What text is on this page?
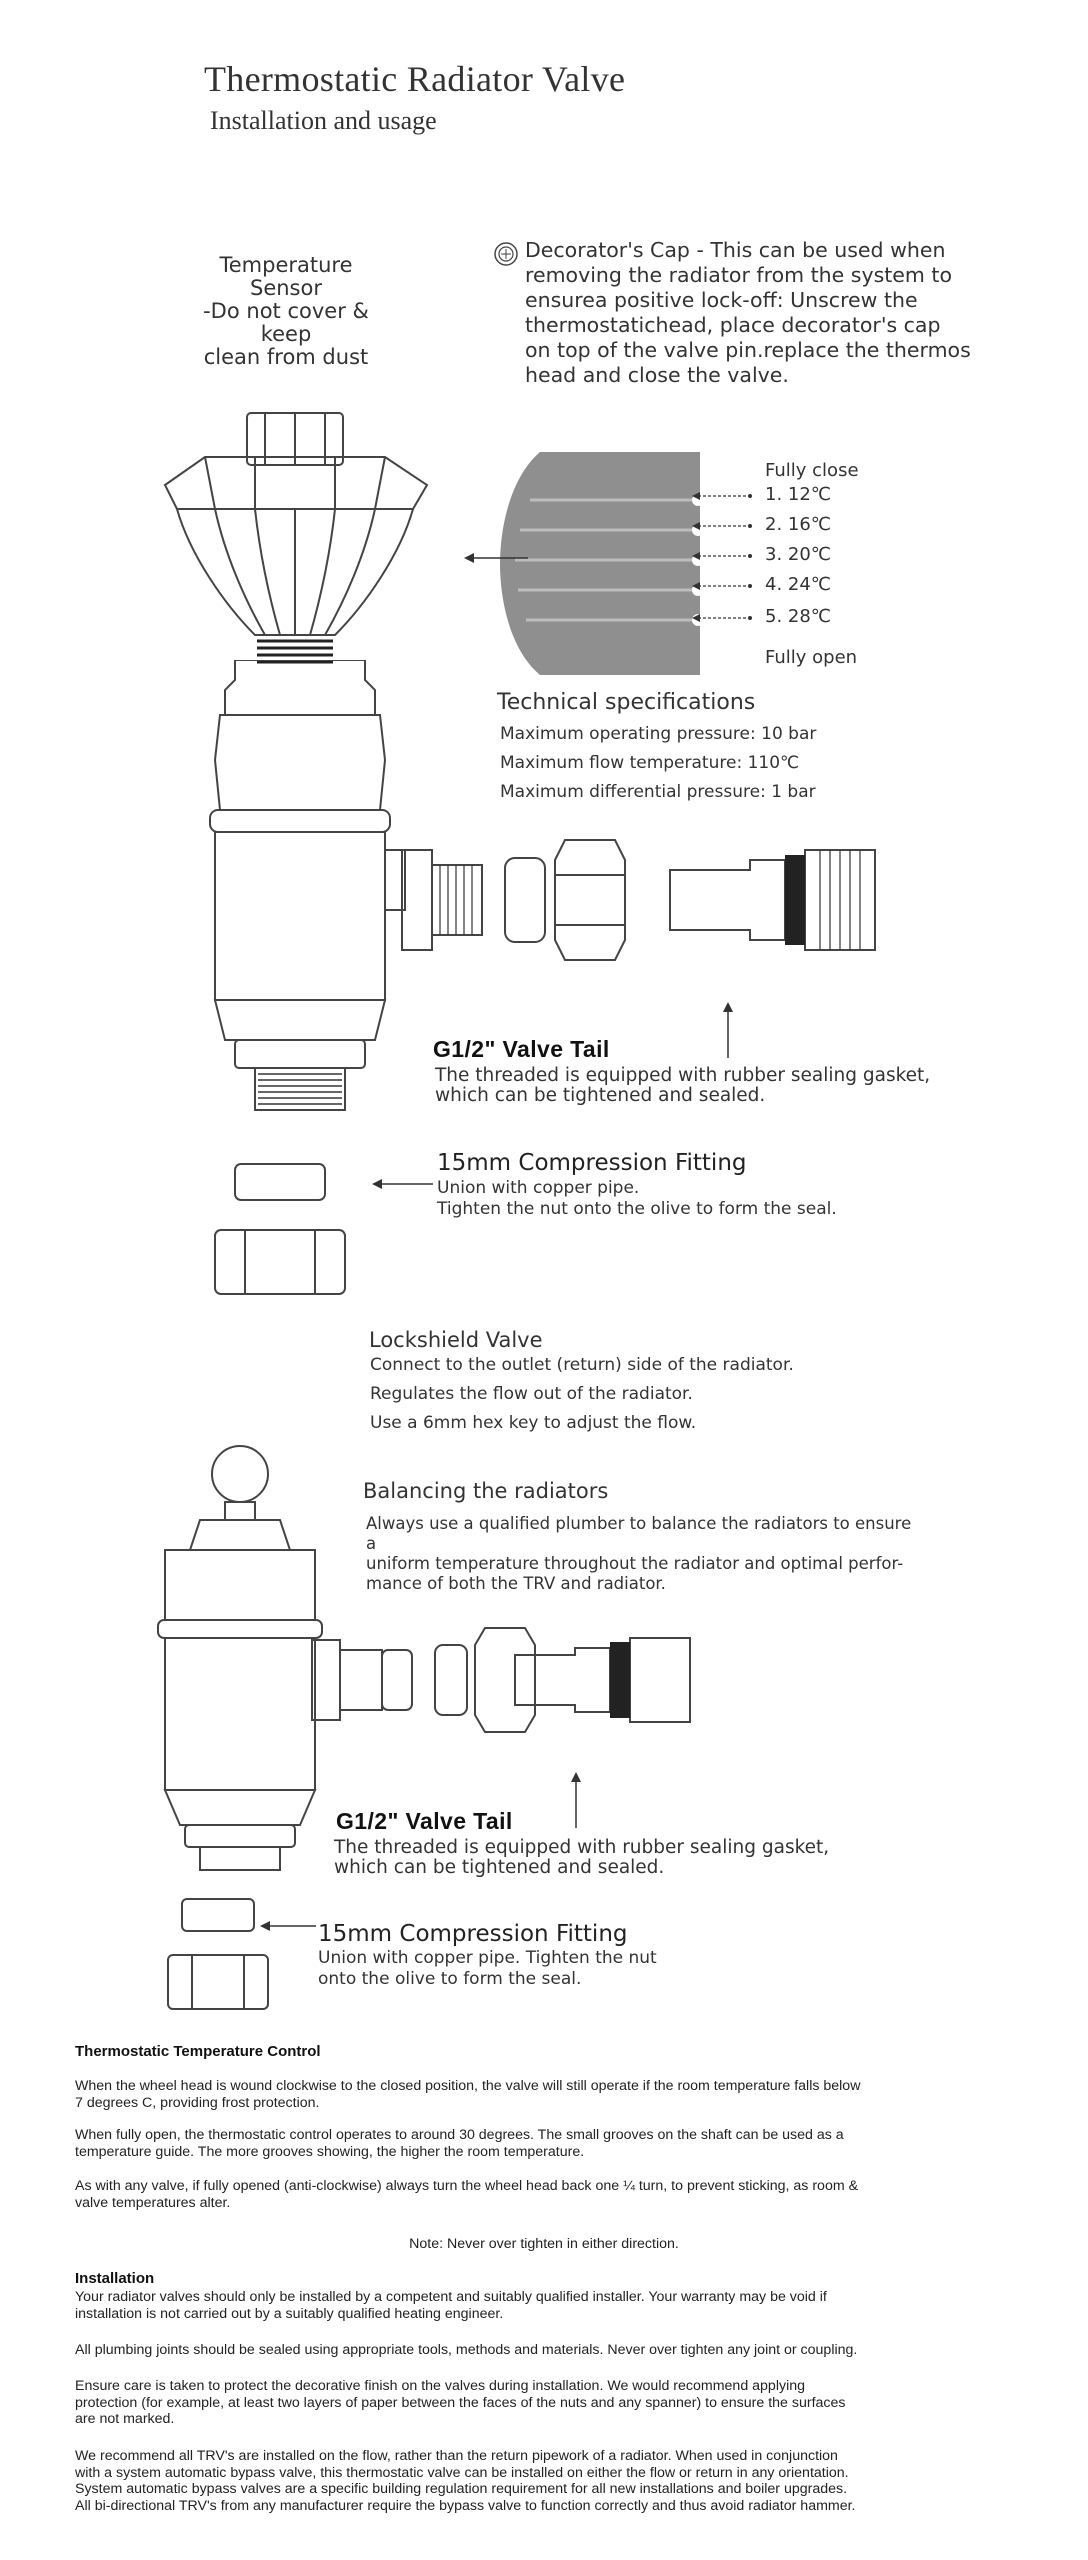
Thermostatic Radiator Valve
Installation and usage
Temperature Sensor
-Do not cover & keep
clean from dust
Decorator's Cap - This can be used when
removing the radiator from the system to
ensurea positive lock-off: Unscrew the
thermostatichead, place decorator's cap
on top of the valve pin.replace the thermos
head and close the valve.
Fully close
Fully open
1. 12℃
2. 16℃
3. 20℃
4. 24℃
5. 28℃
Technical specifications
Maximum operating pressure: 10 bar
Maximum flow temperature: 110℃
Maximum differential pressure: 1 bar
G1/2" Valve Tail
The threaded is equipped with rubber sealing gasket,
which can be tightened and sealed.
15mm Compression Fitting
Union with copper pipe.
Tighten the nut onto the olive to form the seal.
Lockshield Valve
Connect to the outlet (return) side of the radiator.
Regulates the flow out of the radiator.
Use a 6mm hex key to adjust the flow.
Balancing the radiators
Always use a qualified plumber to balance the radiators to ensure a
uniform temperature throughout the radiator and optimal perfor-
mance of both the TRV and radiator.
G1/2" Valve Tail
The threaded is equipped with rubber sealing gasket,
which can be tightened and sealed.
15mm Compression Fitting
Union with copper pipe. Tighten the nut
onto the olive to form the seal.
Thermostatic Temperature Control
When the wheel head is wound clockwise to the closed position, the valve will still operate if the room temperature falls below
7 degrees C, providing frost protection.
When fully open, the thermostatic control operates to around 30 degrees. The small grooves on the shaft can be used as a
temperature guide. The more grooves showing, the higher the room temperature.
As with any valve, if fully opened (anti-clockwise) always turn the wheel head back one ¼ turn, to prevent sticking, as room &
valve temperatures alter.
Note: Never over tighten in either direction.
Installation
Your radiator valves should only be installed by a competent and suitably qualified installer. Your warranty may be void if
installation is not carried out by a suitably qualified heating engineer.
All plumbing joints should be sealed using appropriate tools, methods and materials. Never over tighten any joint or coupling.
Ensure care is taken to protect the decorative finish on the valves during installation. We would recommend applying
protection (for example, at least two layers of paper between the faces of the nuts and any spanner) to ensure the surfaces
are not marked.
We recommend all TRV's are installed on the flow, rather than the return pipework of a radiator. When used in conjunction
with a system automatic bypass valve, this thermostatic valve can be installed on either the flow or return in any orientation.
System automatic bypass valves are a specific building regulation requirement for all new installations and boiler upgrades.
All bi-directional TRV's from any manufacturer require the bypass valve to function correctly and thus avoid radiator hammer.
